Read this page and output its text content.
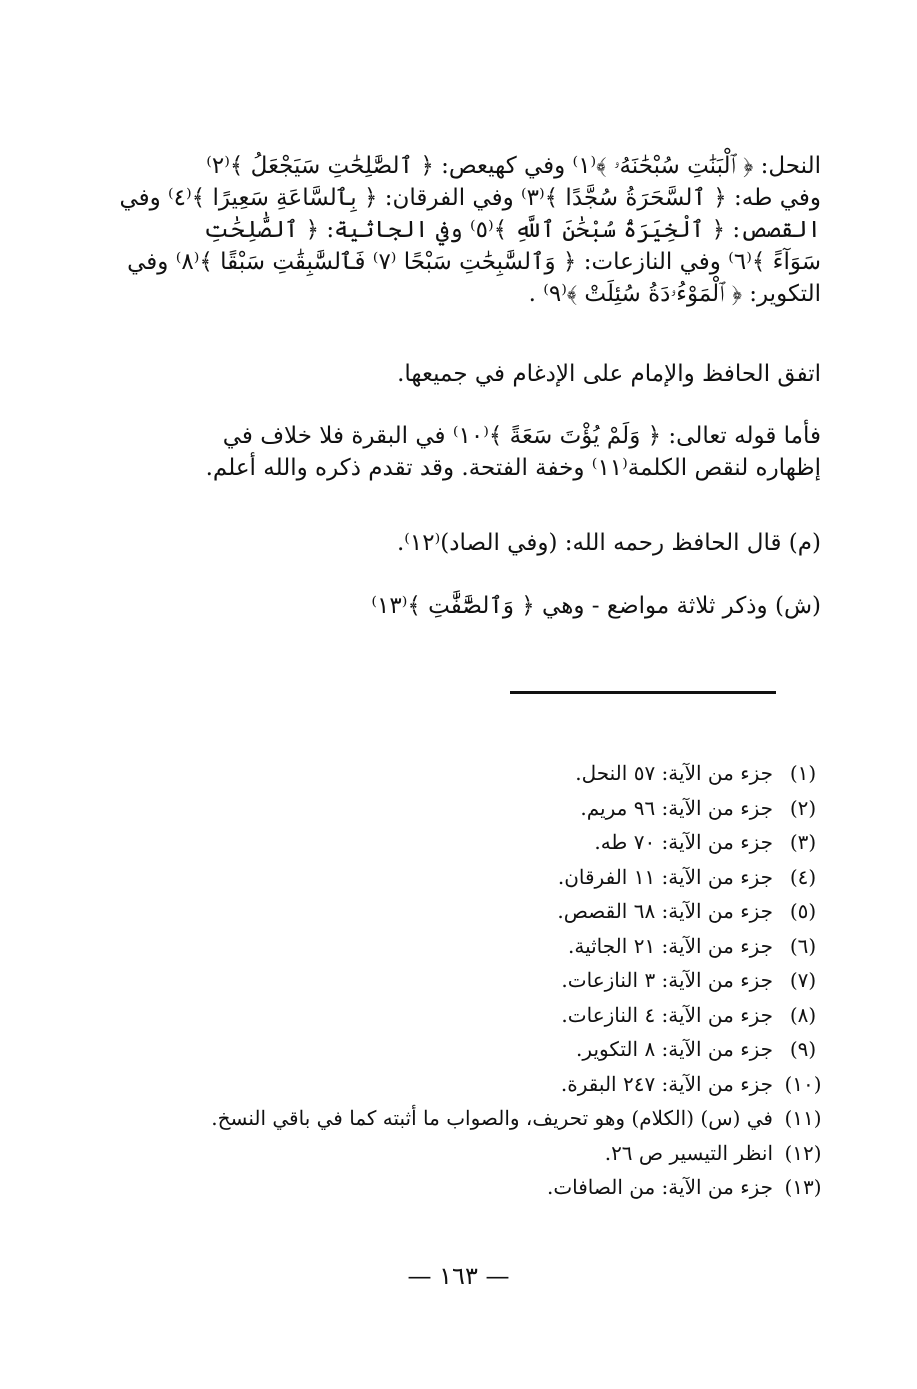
النحل: ﴿ ٱلْبَنَٰتِ سُبْحَٰنَهُۥ ﴾⁽١⁾ وفي كهيعص: ﴿ ٱلصَّٰلِحَٰتِ سَيَجْعَلُ ﴾⁽٢⁾
وفي طه: ﴿ ٱلسَّحَرَةُ سُجَّدًا ﴾⁽٣⁾ وفي الفرقان: ﴿ بِٱلسَّاعَةِ سَعِيرًا ﴾⁽٤⁾ وفي
القصص: ﴿ ٱلْخِيَرَةُ سُبْحَٰنَ ٱللَّهِ ﴾⁽٥⁾ وفي الجاثية: ﴿ ٱلصَّٰلِحَٰتِ
سَوَآءً ﴾⁽٦⁾ وفي النازعات: ﴿ وَٱلسَّٰبِحَٰتِ سَبْحًا ⁽٧⁾ فَٱلسَّٰبِقَٰتِ سَبْقًا ﴾⁽٨⁾ وفي
التكوير: ﴿ ٱلْمَوْءُۥدَةُ سُئِلَتْ ﴾⁽٩⁾ .
اتفق الحافظ والإمام على الإدغام في جميعها.
فأما قوله تعالى: ﴿ وَلَمْ يُؤْتَ سَعَةً ﴾⁽١٠⁾ في البقرة فلا خلاف في
إظهاره لنقص الكلمة⁽١١⁾ وخفة الفتحة. وقد تقدم ذكره والله أعلم.
(م) قال الحافظ رحمه الله: (وفي الصاد)⁽١٢⁾.
(ش) وذكر ثلاثة مواضع - وهي ﴿ وَٱلصَّٰٓفَّٰتِ ﴾⁽١٣⁾
(١)جزء من الآية: ٥٧ النحل.
(٢)جزء من الآية: ٩٦ مريم.
(٣)جزء من الآية: ٧٠ طه.
(٤)جزء من الآية: ١١ الفرقان.
(٥)جزء من الآية: ٦٨ القصص.
(٦)جزء من الآية: ٢١ الجاثية.
(٧)جزء من الآية: ٣ النازعات.
(٨)جزء من الآية: ٤ النازعات.
(٩)جزء من الآية: ٨ التكوير.
(١٠)جزء من الآية: ٢٤٧ البقرة.
(١١)في (س) (الكلام) وهو تحريف، والصواب ما أثبته كما في باقي النسخ.
(١٢)انظر التيسير ص ٢٦.
(١٣)جزء من الآية: من الصافات.
— ١٦٣ —
